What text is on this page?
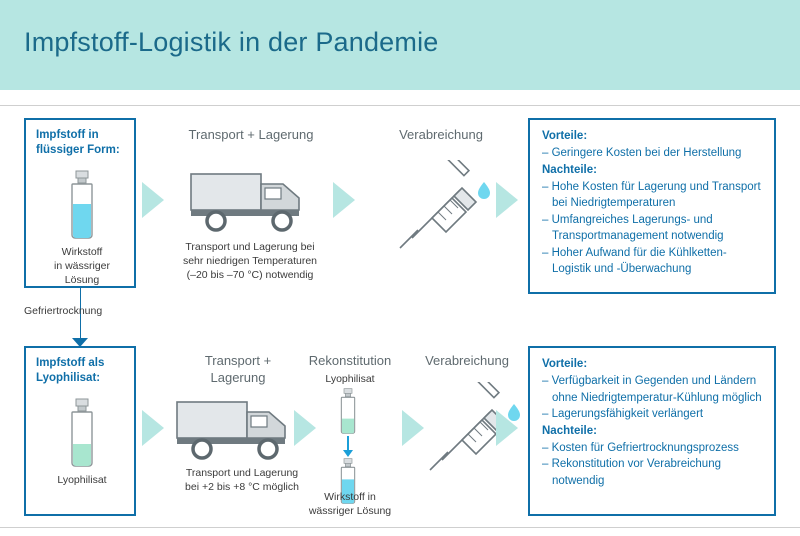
Impfstoff-Logistik in der Pandemie
Impfstoff in
flüssiger Form:
Wirkstoff
in wässriger
Lösung
Transport + Lagerung
Transport und Lagerung bei
sehr niedrigen Temperaturen
(–20 bis –70 °C) notwendig
Verabreichung	Vorteile:
– Geringere Kosten bei der Herstellung
Nachteile:
– Hohe Kosten für Lagerung und Transport bei Niedrigtemperaturen
– Umfangreiches Lagerungs- und Transportmanagement notwendig
– Hoher Aufwand für die Kühlketten-Logistik und -Überwachung
Gefriertrocknung
Impfstoff als
Lyophilisat:
Lyophilisat
Transport +
Lagerung
Transport und Lagerung
bei +2 bis +8 °C möglich
Rekonstitution
Lyophilisat
Wirkstoff in
wässriger Lösung
Verabreichung	Vorteile:
– Verfügbarkeit in Gegenden und Ländern ohne Niedrigtemperatur-Kühlung möglich
– Lagerungsfähigkeit verlängert
Nachteile:
– Kosten für Gefriertrocknungsprozess
– Rekonstitution vor Verabreichung notwendig
